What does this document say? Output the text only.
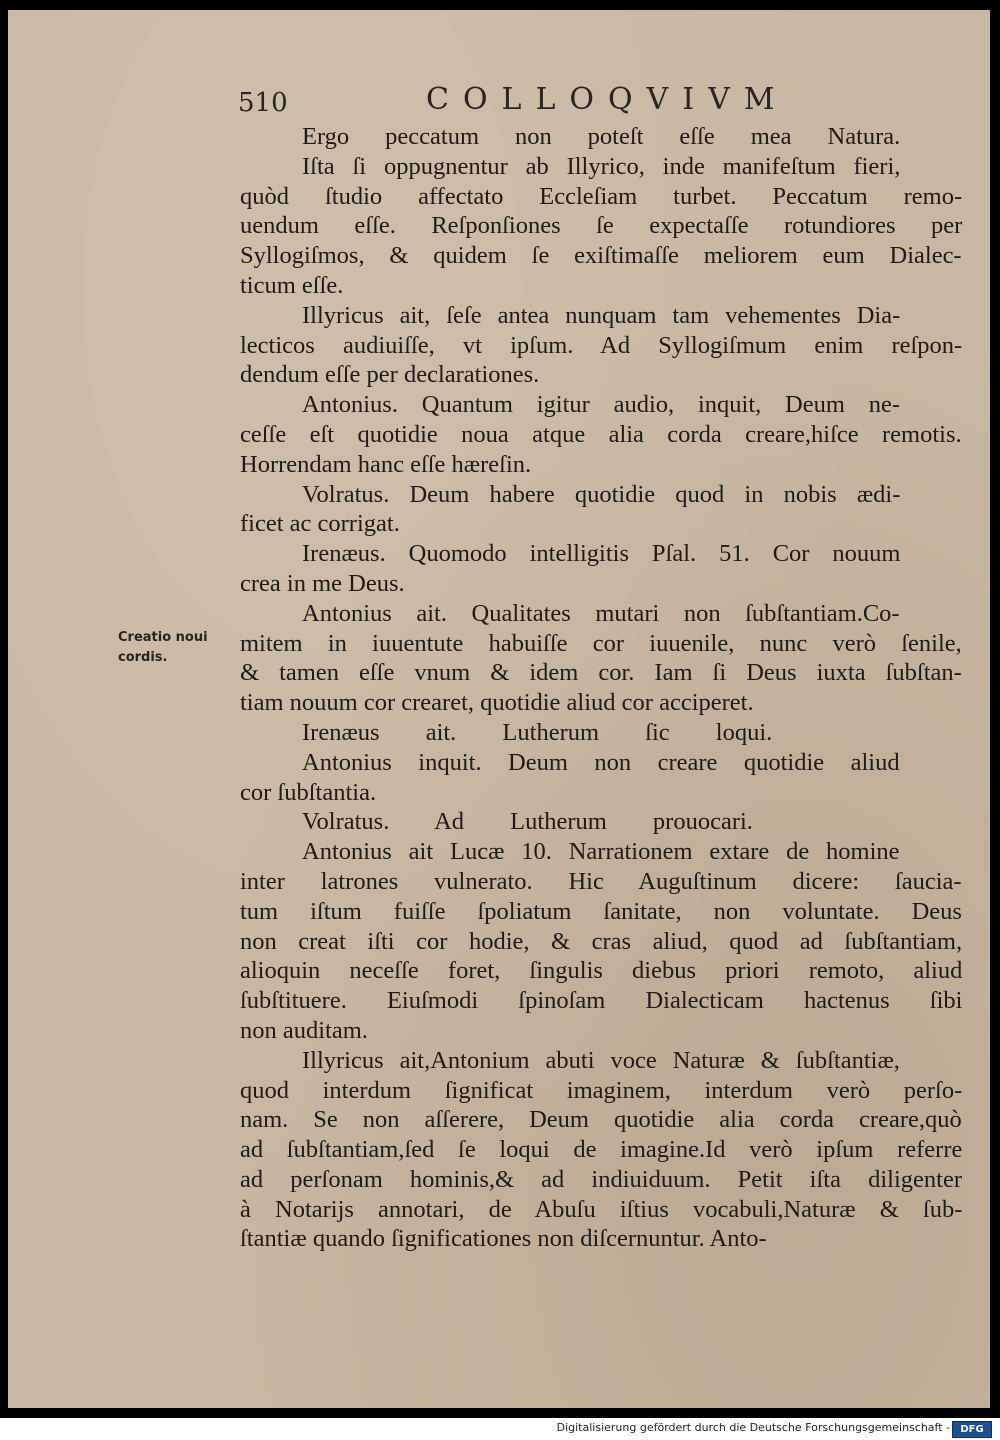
510	COLLOQVIVM
Creatio noui
cordis.
Ergo peccatum non poteſt eſſe mea Natura.
Iſta ſi oppugnentur ab Illyrico, inde manifeſtum fieri,
quòd ſtudio affectato Eccleſiam turbet. Peccatum remo-
uendum eſſe. Reſponſiones ſe expectaſſe rotundiores per
Syllogiſmos, & quidem ſe exiſtimaſſe meliorem eum Dialec-
ticum eſſe.
Illyricus ait, ſeſe antea nunquam tam vehementes Dia-
lecticos audiuiſſe, vt ipſum. Ad Syllogiſmum enim reſpon-
dendum eſſe per declarationes.
Antonius. Quantum igitur audio, inquit, Deum ne-
ceſſe eſt quotidie noua atque alia corda creare,hiſce remotis.
Horrendam hanc eſſe hæreſin.
Volratus. Deum habere quotidie quod in nobis ædi-
ficet ac corrigat.
Irenæus. Quomodo intelligitis Pſal. 51. Cor nouum
crea in me Deus.
Antonius ait. Qualitates mutari non ſubſtantiam.Co-
mitem in iuuentute habuiſſe cor iuuenile, nunc verò ſenile,
& tamen eſſe vnum & idem cor. Iam ſi Deus iuxta ſubſtan-
tiam nouum cor crearet, quotidie aliud cor acciperet.
Irenæus ait. Lutherum ſic loqui.
Antonius inquit. Deum non creare quotidie aliud
cor ſubſtantia.
Volratus. Ad Lutherum prouocari.
Antonius ait Lucæ 10. Narrationem extare de homine
inter latrones vulnerato. Hic Auguſtinum dicere: ſaucia-
tum iſtum fuiſſe ſpoliatum ſanitate, non voluntate. Deus
non creat iſti cor hodie, & cras aliud, quod ad ſubſtantiam,
alioquin neceſſe foret, ſingulis diebus priori remoto, aliud
ſubſtituere. Eiuſmodi ſpinoſam Dialecticam hactenus ſibi
non auditam.
Illyricus ait,Antonium abuti voce Naturæ & ſubſtantiæ,
quod interdum ſignificat imaginem, interdum verò perſo-
nam. Se non aſſerere, Deum quotidie alia corda creare,quò
ad ſubſtantiam,ſed ſe loqui de imagine.Id verò ipſum referre
ad perſonam hominis,& ad indiuiduum. Petit iſta diligenter
à Notarijs annotari, de Abuſu iſtius vocabuli,Naturæ & ſub-
ſtantiæ quando ſignificationes non diſcernuntur. Anto-
Digitalisierung gefördert durch die Deutsche Forschungsgemeinschaft -	DFG
